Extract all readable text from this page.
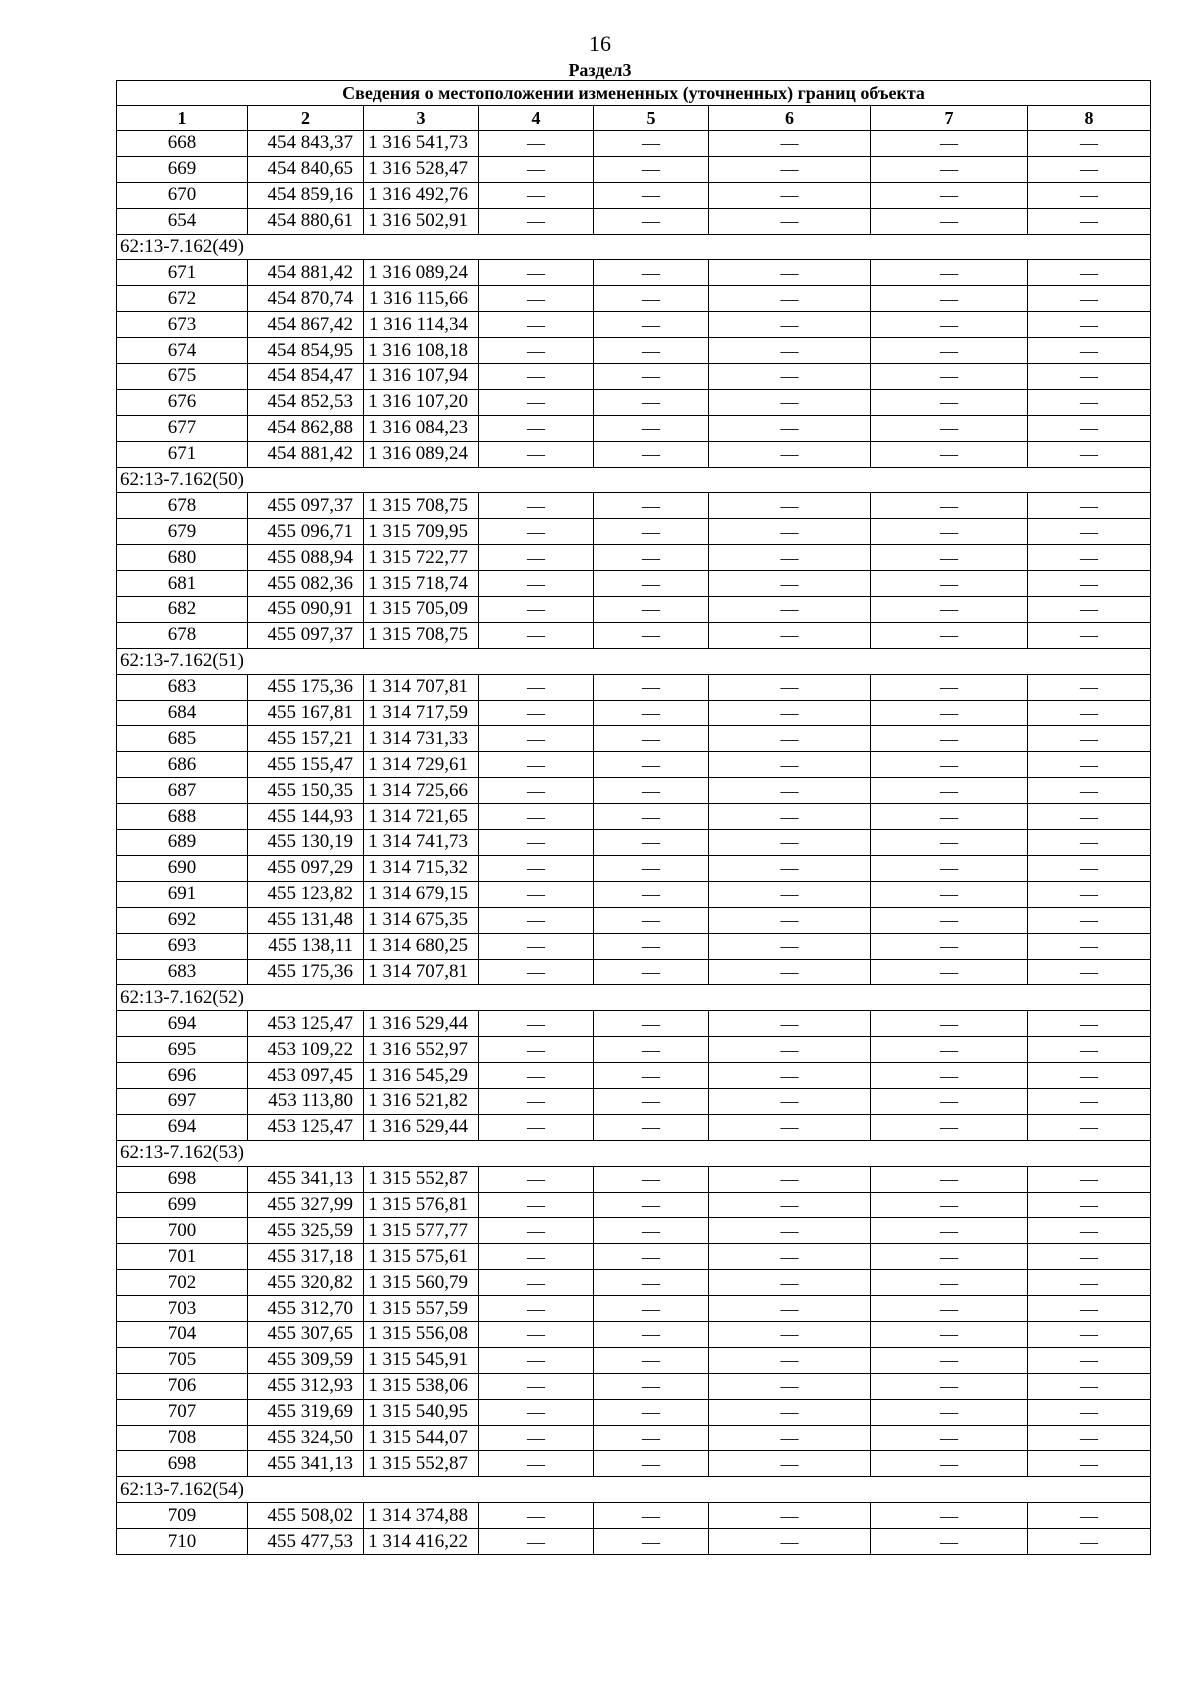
16
Раздел3
Сведения о местоположении измененных (уточненных) границ объекта							
1	2	3	4	5	6	7	8
668	454 843,37	1 316 541,73	—	—	—	—	—
669	454 840,65	1 316 528,47	—	—	—	—	—
670	454 859,16	1 316 492,76	—	—	—	—	—
654	454 880,61	1 316 502,91	—	—	—	—	—
62:13-7.162(49)							
671	454 881,42	1 316 089,24	—	—	—	—	—
672	454 870,74	1 316 115,66	—	—	—	—	—
673	454 867,42	1 316 114,34	—	—	—	—	—
674	454 854,95	1 316 108,18	—	—	—	—	—
675	454 854,47	1 316 107,94	—	—	—	—	—
676	454 852,53	1 316 107,20	—	—	—	—	—
677	454 862,88	1 316 084,23	—	—	—	—	—
671	454 881,42	1 316 089,24	—	—	—	—	—
62:13-7.162(50)							
678	455 097,37	1 315 708,75	—	—	—	—	—
679	455 096,71	1 315 709,95	—	—	—	—	—
680	455 088,94	1 315 722,77	—	—	—	—	—
681	455 082,36	1 315 718,74	—	—	—	—	—
682	455 090,91	1 315 705,09	—	—	—	—	—
678	455 097,37	1 315 708,75	—	—	—	—	—
62:13-7.162(51)							
683	455 175,36	1 314 707,81	—	—	—	—	—
684	455 167,81	1 314 717,59	—	—	—	—	—
685	455 157,21	1 314 731,33	—	—	—	—	—
686	455 155,47	1 314 729,61	—	—	—	—	—
687	455 150,35	1 314 725,66	—	—	—	—	—
688	455 144,93	1 314 721,65	—	—	—	—	—
689	455 130,19	1 314 741,73	—	—	—	—	—
690	455 097,29	1 314 715,32	—	—	—	—	—
691	455 123,82	1 314 679,15	—	—	—	—	—
692	455 131,48	1 314 675,35	—	—	—	—	—
693	455 138,11	1 314 680,25	—	—	—	—	—
683	455 175,36	1 314 707,81	—	—	—	—	—
62:13-7.162(52)							
694	453 125,47	1 316 529,44	—	—	—	—	—
695	453 109,22	1 316 552,97	—	—	—	—	—
696	453 097,45	1 316 545,29	—	—	—	—	—
697	453 113,80	1 316 521,82	—	—	—	—	—
694	453 125,47	1 316 529,44	—	—	—	—	—
62:13-7.162(53)							
698	455 341,13	1 315 552,87	—	—	—	—	—
699	455 327,99	1 315 576,81	—	—	—	—	—
700	455 325,59	1 315 577,77	—	—	—	—	—
701	455 317,18	1 315 575,61	—	—	—	—	—
702	455 320,82	1 315 560,79	—	—	—	—	—
703	455 312,70	1 315 557,59	—	—	—	—	—
704	455 307,65	1 315 556,08	—	—	—	—	—
705	455 309,59	1 315 545,91	—	—	—	—	—
706	455 312,93	1 315 538,06	—	—	—	—	—
707	455 319,69	1 315 540,95	—	—	—	—	—
708	455 324,50	1 315 544,07	—	—	—	—	—
698	455 341,13	1 315 552,87	—	—	—	—	—
62:13-7.162(54)							
709	455 508,02	1 314 374,88	—	—	—	—	—
710	455 477,53	1 314 416,22	—	—	—	—	—
